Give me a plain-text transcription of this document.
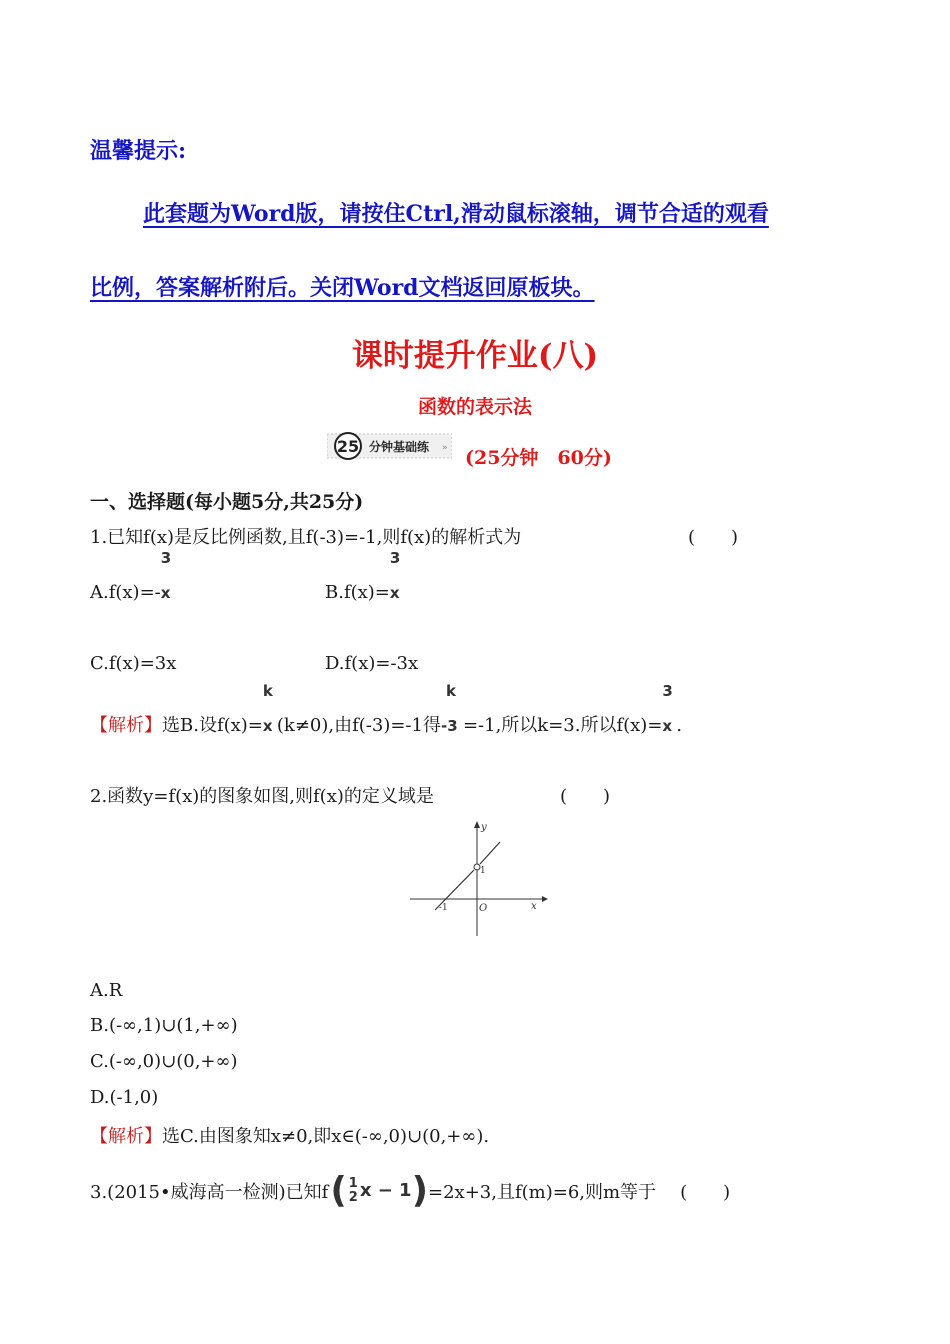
温馨提示:
此套题为Word版，请按住Ctrl,滑动鼠标滚轴，调节合适的观看
比例，答案解析附后。关闭Word文档返回原板块。
课时提升作业(八)
函数的表示法
25 分钟基础练 » (25分钟　60分)
一、选择题(每小题5分,共25分)
1.已知f(x)是反比例函数,且f(-3)=-1,则f(x)的解析式为	(　　)
A.f(x)=-
3
x	B.f(x)=
3
x
C.f(x)=3x	D.f(x)=-3x
【解析】选B.设f(x)=
k
x (k≠0),由f(-3)=-1得
k
-3 =-1,所以k=3.所以f(x)=
3
x .
2.函数y=f(x)的图象如图,则f(x)的定义域是	(　　)
y
x
O
1
-1
A.R
B.(-∞,1)∪(1,+∞)
C.(-∞,0)∪(0,+∞)
D.(-1,0)
【解析】选C.由图象知x≠0,即x∈(-∞,0)∪(0,+∞).
3.(2015•威海高一检测)已知f ( 1
2 x − 1 ) =2x+3,且f(m)=6,则m等于 (　　)
